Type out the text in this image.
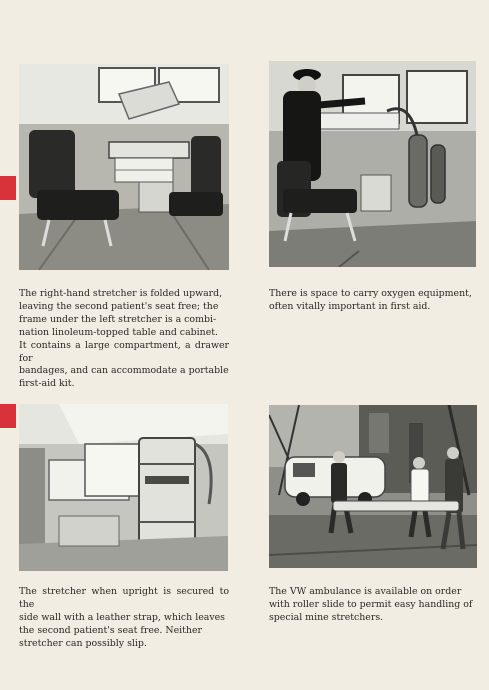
The right-hand stretcher is folded upward,
leaving the second patient's seat free; the
frame under the left stretcher is a combi-
nation linoleum-topped table and cabinet.
It contains a large compartment, a drawer for
bandages, and can accommodate a portable
first-aid kit.

There is space to carry oxygen equipment,
often vitally important in first aid.

The stretcher when upright is secured to the
side wall with a leather strap, which leaves
the second patient's seat free. Neither
stretcher can possibly slip.

The VW ambulance is available on order
with roller slide to permit easy handling of
special mine stretchers.
